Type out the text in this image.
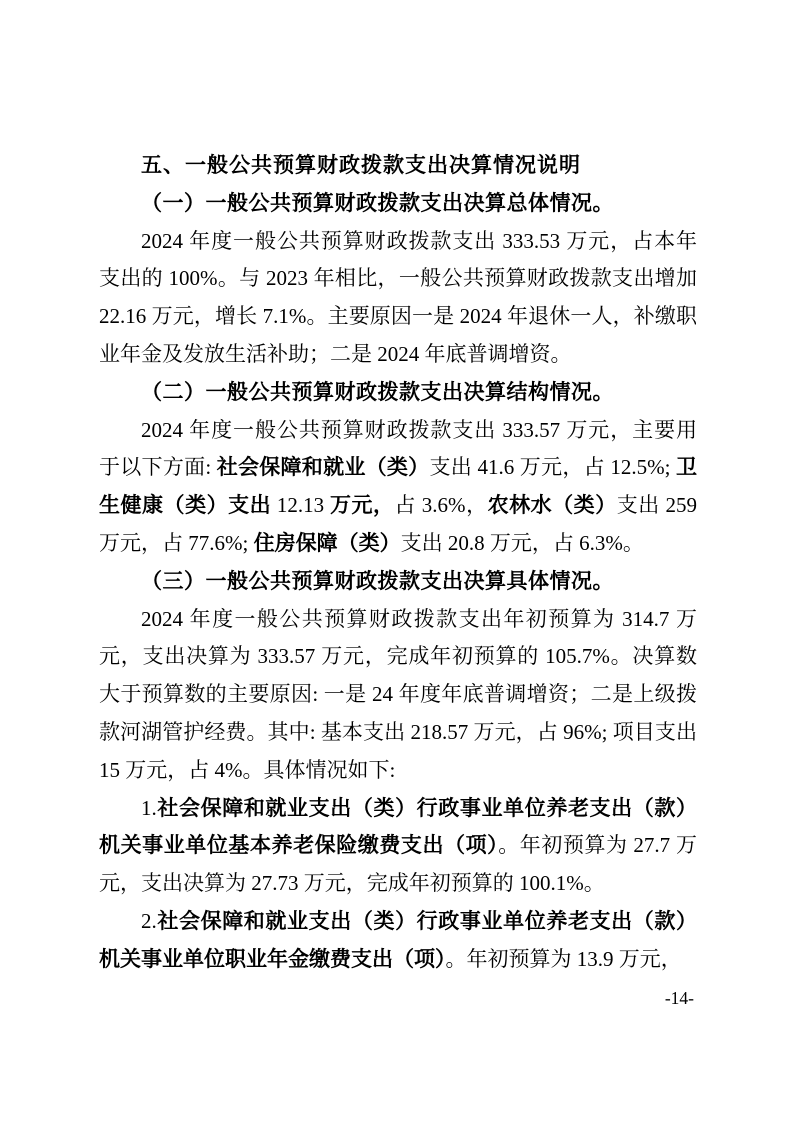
五、一般公共预算财政拨款支出决算情况说明

（一）一般公共预算财政拨款支出决算总体情况。

2024 年度一般公共预算财政拨款支出 333.53 万元，占本年支出的 100%。与 2023 年相比，一般公共预算财政拨款支出增加 22.16 万元，增长 7.1%。主要原因一是 2024 年退休一人，补缴职业年金及发放生活补助；二是 2024 年底普调增资。

（二）一般公共预算财政拨款支出决算结构情况。

2024 年度一般公共预算财政拨款支出 333.57 万元，主要用于以下方面: 社会保障和就业（类）支出 41.6 万元，占 12.5%; 卫生健康（类）支出 12.13 万元，占 3.6%，农林水（类）支出 259 万元，占 77.6%; 住房保障（类）支出 20.8 万元，占 6.3%。

（三）一般公共预算财政拨款支出决算具体情况。

2024 年度一般公共预算财政拨款支出年初预算为 314.7 万元，支出决算为 333.57 万元，完成年初预算的 105.7%。决算数大于预算数的主要原因: 一是 24 年度年底普调增资；二是上级拨款河湖管护经费。其中: 基本支出 218.57 万元，占 96%; 项目支出 15 万元，占 4%。具体情况如下:

1.社会保障和就业支出（类）行政事业单位养老支出（款）机关事业单位基本养老保险缴费支出（项）。年初预算为 27.7 万元，支出决算为 27.73 万元，完成年初预算的 100.1%。

2.社会保障和就业支出（类）行政事业单位养老支出（款）机关事业单位职业年金缴费支出（项）。年初预算为 13.9 万元，

-14-
